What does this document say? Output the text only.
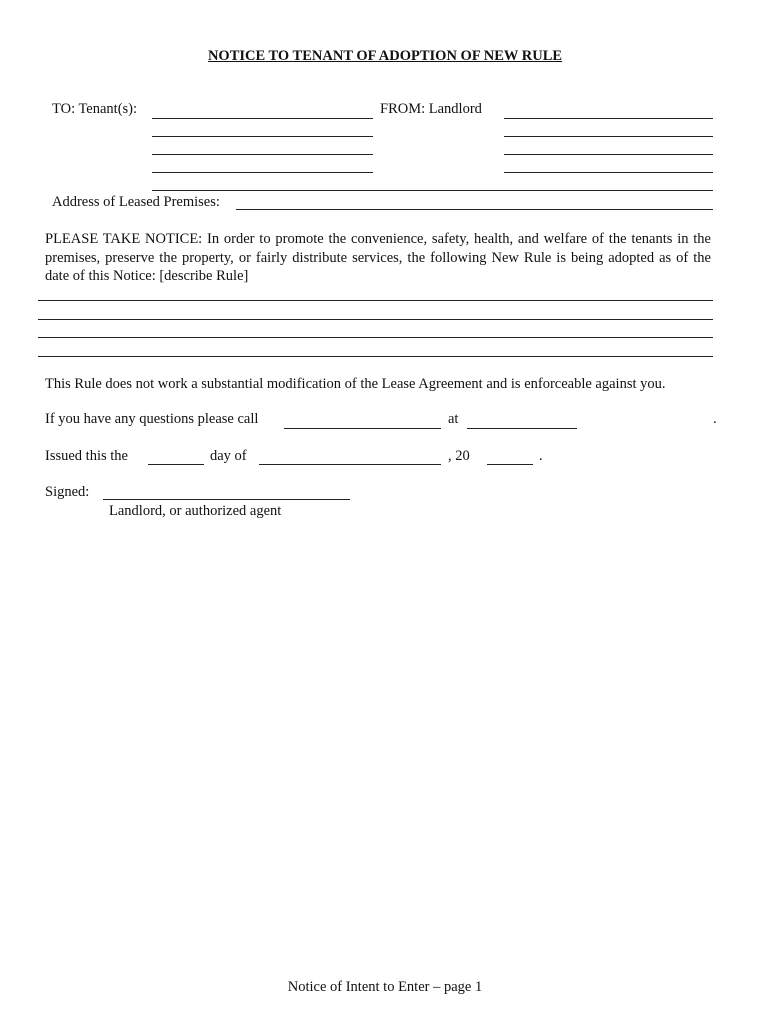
NOTICE TO TENANT OF ADOPTION OF NEW RULE
TO: Tenant(s):	FROM: Landlord
Address of Leased Premises:
PLEASE TAKE NOTICE: In order to promote the convenience, safety, health, and welfare of the tenants in the premises, preserve the property, or fairly distribute services, the following New Rule is being adopted as of the date of this Notice: [describe Rule]
This Rule does not work a substantial modification of the Lease Agreement and is enforceable against you.
If you have any questions please call	at	.
Issued this the	day of	, 20	.
Signed:
Landlord, or authorized agent
Notice of Intent to Enter – page 1
